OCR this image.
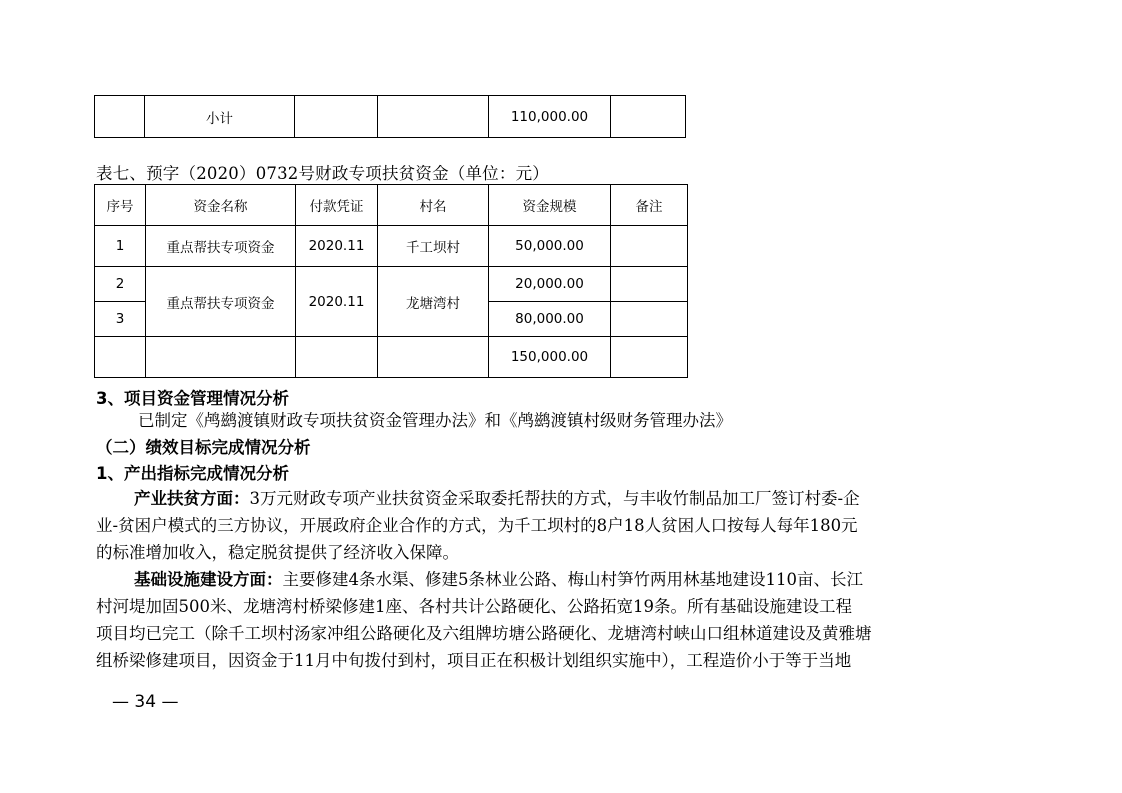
	小计			110,000.00	
表七、预字（2020）0732号财政专项扶贫资金（单位：元）
序号	资金名称	付款凭证	村名	资金规模	备注
1	重点帮扶专项资金	2020.11	千工坝村	50,000.00	
2	重点帮扶专项资金	2020.11	龙塘湾村	20,000.00	
3				80,000.00	
				150,000.00	
3、项目资金管理情况分析
已制定《鸬鹚渡镇财政专项扶贫资金管理办法》和《鸬鹚渡镇村级财务管理办法》
（二）绩效目标完成情况分析
1、产出指标完成情况分析
产业扶贫方面：3万元财政专项产业扶贫资金采取委托帮扶的方式，与丰收竹制品加工厂签订村委-企
业-贫困户模式的三方协议，开展政府企业合作的方式，为千工坝村的8户18人贫困人口按每人每年180元
的标准增加收入，稳定脱贫提供了经济收入保障。
基础设施建设方面：主要修建4条水渠、修建5条林业公路、梅山村笋竹两用林基地建设110亩、长江
村河堤加固500米、龙塘湾村桥梁修建1座、各村共计公路硬化、公路拓宽19条。所有基础设施建设工程
项目均已完工（除千工坝村汤家冲组公路硬化及六组牌坊塘公路硬化、龙塘湾村峡山口组林道建设及黄雅塘
组桥梁修建项目，因资金于11月中旬拨付到村，项目正在积极计划组织实施中），工程造价小于等于当地
— 34 —
